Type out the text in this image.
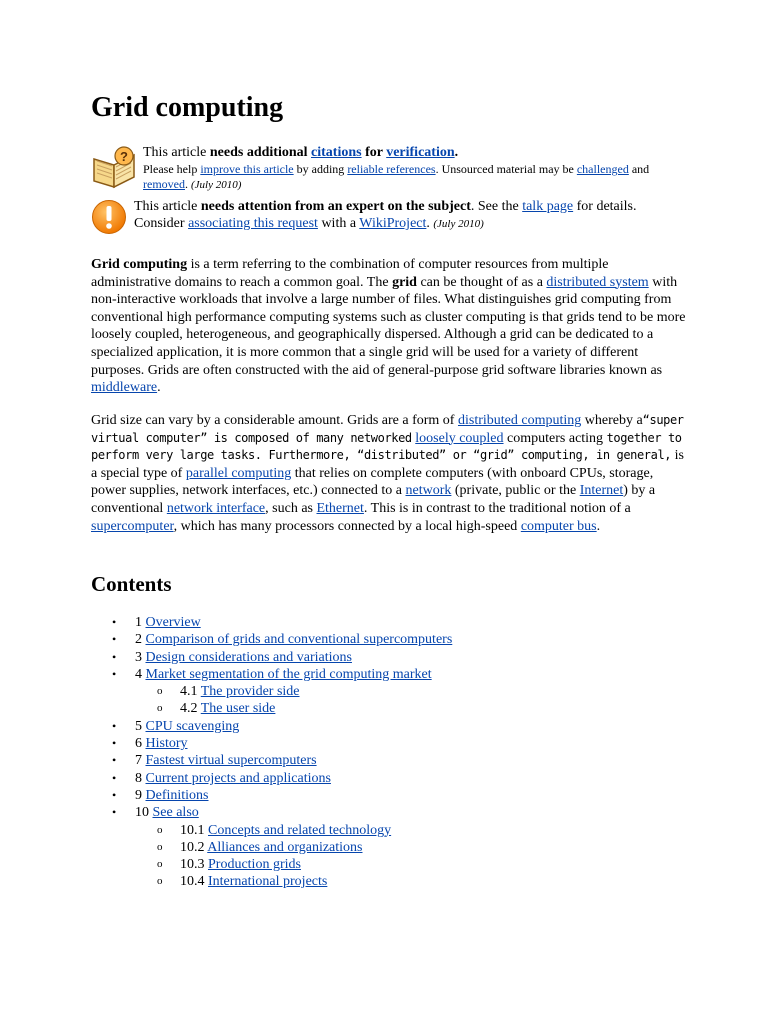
Grid computing
? This article needs additional citations for verification.
Please help improve this article by adding reliable references. Unsourced material may be challenged and removed. (July 2010)
This article needs attention from an expert on the subject. See the talk page for details.
Consider associating this request with a WikiProject. (July 2010)

Grid computing is a term referring to the combination of computer resources from multiple administrative domains to reach a common goal. The grid can be thought of as a distributed system with non-interactive workloads that involve a large number of files. What distinguishes grid computing from conventional high performance computing systems such as cluster computing is that grids tend to be more loosely coupled, heterogeneous, and geographically dispersed. Although a grid can be dedicated to a specialized application, it is more common that a single grid will be used for a variety of different purposes. Grids are often constructed with the aid of general-purpose grid software libraries known as middleware.

Grid size can vary by a considerable amount. Grids are a form of distributed computing whereby a“super virtual computer” is composed of many networked loosely coupled computers acting together to perform very large tasks. Furthermore, “distributed” or “grid” computing, in general, is a special type of parallel computing that relies on complete computers (with onboard CPUs, storage, power supplies, network interfaces, etc.) connected to a network (private, public or the Internet) by a conventional network interface, such as Ethernet. This is in contrast to the traditional notion of a supercomputer, which has many processors connected by a local high-speed computer bus.

Contents
• 1 Overview
• 2 Comparison of grids and conventional supercomputers
• 3 Design considerations and variations
• 4 Market segmentation of the grid computing market
o 4.1 The provider side
o 4.2 The user side
• 5 CPU scavenging
• 6 History
• 7 Fastest virtual supercomputers
• 8 Current projects and applications
• 9 Definitions
• 10 See also
o 10.1 Concepts and related technology
o 10.2 Alliances and organizations
o 10.3 Production grids
o 10.4 International projects
